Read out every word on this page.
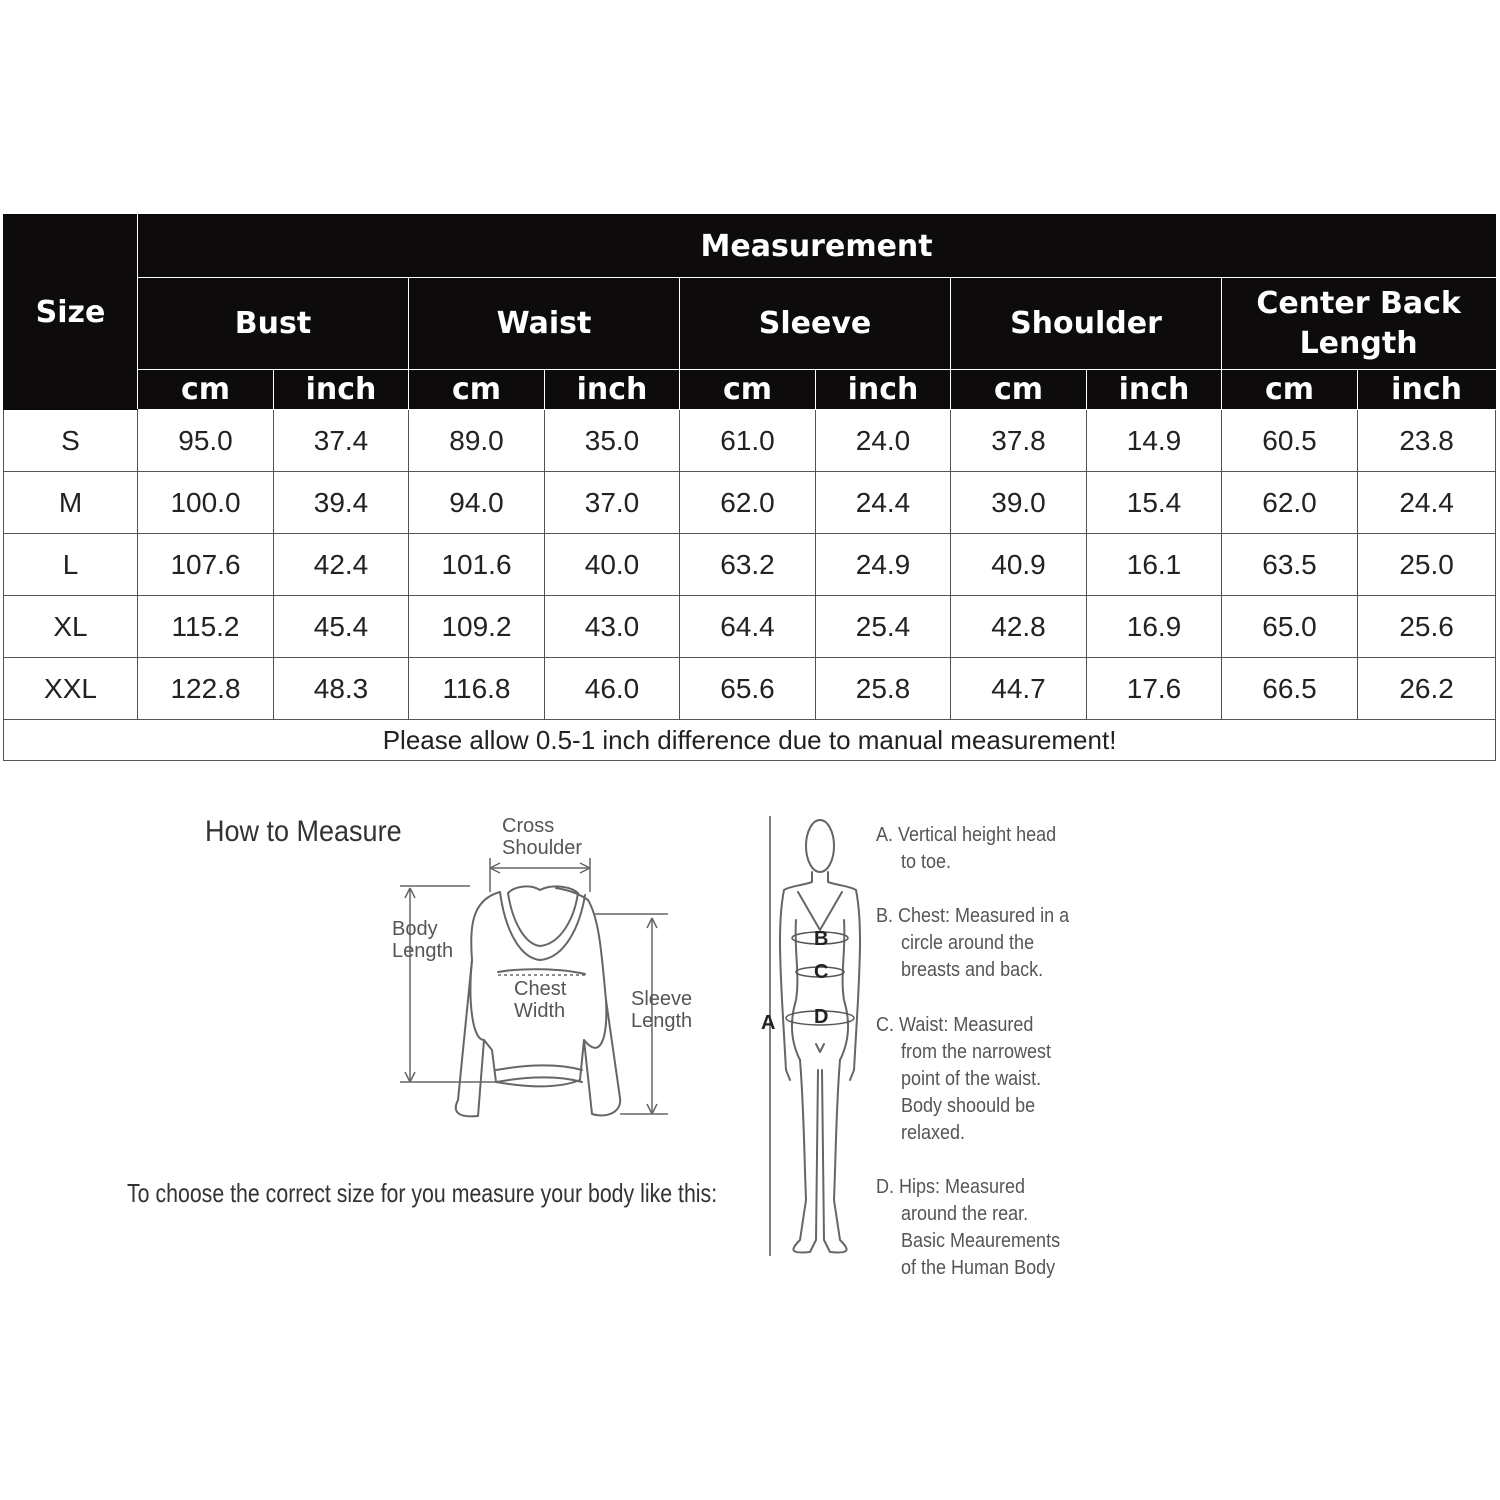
Size	Measurement									
	Bust		Waist		Sleeve		Shoulder		Center Back
Length	
	cm	inch	cm	inch	cm	inch	cm	inch	cm	inch
S	95.0	37.4	89.0	35.0	61.0	24.0	37.8	14.9	60.5	23.8
M	100.0	39.4	94.0	37.0	62.0	24.4	39.0	15.4	62.0	24.4
L	107.6	42.4	101.6	40.0	63.2	24.9	40.9	16.1	63.5	25.0
XL	115.2	45.4	109.2	43.0	64.4	25.4	42.8	16.9	65.0	25.6
XXL	122.8	48.3	116.8	46.0	65.6	25.8	44.7	17.6	66.5	26.2
Please allow 0.5-1 inch difference due to manual measurement!										
How to Measure
To choose the correct size for you measure your body like this:
Cross
Shoulder
Body
Length
Chest
Width
Sleeve
Length	A
B
C
D
A. Vertical height head
to toe.
B. Chest: Measured in a
circle around the
breasts and back.
C. Waist: Measured
from the narrowest
point of the waist.
Body shoould be
relaxed.
D. Hips: Measured
around the rear.
Basic Meaurements
of the Human Body
